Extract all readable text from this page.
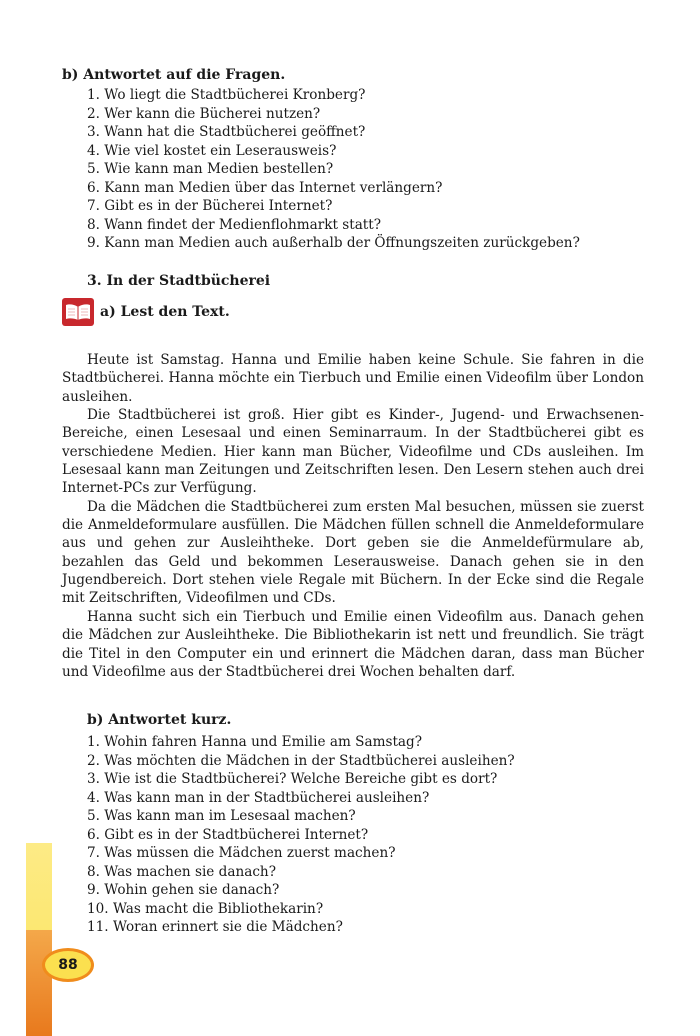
b) Antwortet auf die Fragen.
1. Wo liegt die Stadtbücherei Kronberg?
2. Wer kann die Bücherei nutzen?
3. Wann hat die Stadtbücherei geöffnet?
4. Wie viel kostet ein Leserausweis?
5. Wie kann man Medien bestellen?
6. Kann man Medien über das Internet verlängern?
7. Gibt es in der Bücherei Internet?
8. Wann findet der Medienflohmarkt statt?
9. Kann man Medien auch außerhalb der Öffnungszeiten zurückgeben?
3. In der Stadtbücherei
a) Lest den Text.

Heute ist Samstag. Hanna und Emilie haben keine Schule. Sie fahren in die Stadtbücherei. Hanna möchte ein Tierbuch und Emilie einen Videofilm über London ausleihen.

Die Stadtbücherei ist groß. Hier gibt es Kinder-, Jugend- und Erwachsenen-Bereiche, einen Lesesaal und einen Seminarraum. In der Stadtbücherei gibt es verschiedene Medien. Hier kann man Bücher, Videofilme und CDs ausleihen. Im Lesesaal kann man Zeitungen und Zeitschriften lesen. Den Lesern stehen auch drei Internet-PCs zur Verfügung.

Da die Mädchen die Stadtbücherei zum ersten Mal besuchen, müssen sie zuerst die Anmeldeformulare ausfüllen. Die Mädchen füllen schnell die Anmeldeformulare aus und gehen zur Ausleihtheke. Dort geben sie die Anmeldefürmulare ab, bezahlen das Geld und bekommen Leserausweise. Danach gehen sie in den Jugendbereich. Dort stehen viele Regale mit Büchern. In der Ecke sind die Regale mit Zeitschriften, Videofilmen und CDs.

Hanna sucht sich ein Tierbuch und Emilie einen Videofilm aus. Danach gehen die Mädchen zur Ausleihtheke. Die Bibliothekarin ist nett und freundlich. Sie trägt die Titel in den Computer ein und erinnert die Mädchen daran, dass man Bücher und Videofilme aus der Stadtbücherei drei Wochen behalten darf.

b) Antwortet kurz.
1. Wohin fahren Hanna und Emilie am Samstag?
2. Was möchten die Mädchen in der Stadtbücherei ausleihen?
3. Wie ist die Stadtbücherei? Welche Bereiche gibt es dort?
4. Was kann man in der Stadtbücherei ausleihen?
5. Was kann man im Lesesaal machen?
6. Gibt es in der Stadtbücherei Internet?
7. Was müssen die Mädchen zuerst machen?
8. Was machen sie danach?
9. Wohin gehen sie danach?
10. Was macht die Bibliothekarin?
11. Woran erinnert sie die Mädchen?
88
